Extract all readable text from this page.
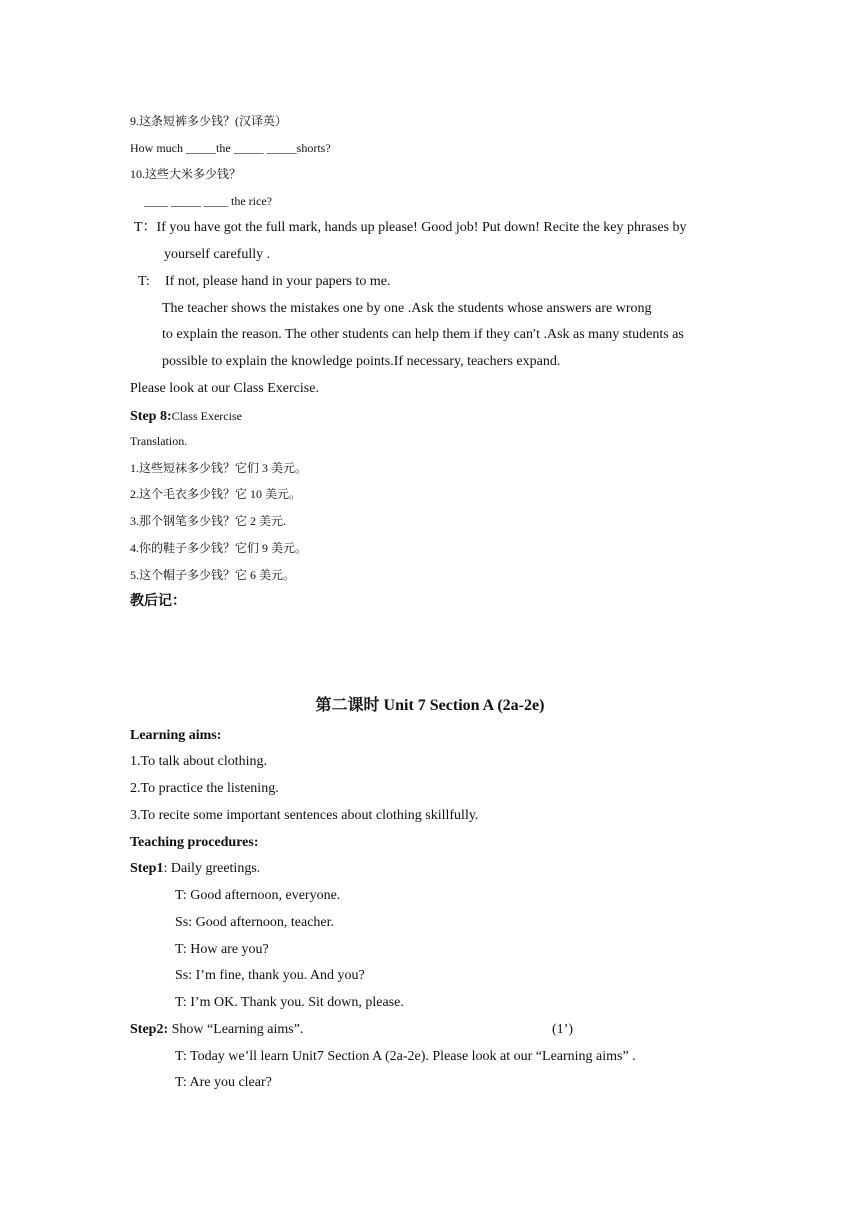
9.这条短裤多少钱？(汉译英）
How much _____the _____ _____shorts?
10.这些大米多少钱？
____ _____ ____ the rice?
T：If you have got the full mark, hands up please! Good job! Put down! Recite the key phrases by
yourself carefully .
T: If not, please hand in your papers to me.
The teacher shows the mistakes one by one .Ask the students whose answers are wrong
to explain the reason. The other students can help them if they can′t .Ask as many students as
possible to explain the knowledge points.If necessary, teachers expand.
Please look at our Class Exercise.
Step 8:Class Exercise
Translation.
1.这些短袜多少钱？它们 3 美元。
2.这个毛衣多少钱？它 10 美元。
3.那个钢笔多少钱？它 2 美元.
4.你的鞋子多少钱？它们 9 美元。
5.这个帽子多少钱？它 6 美元。
教后记：
第二课时 Unit 7 Section A (2a-2e)
Learning aims:
1.To talk about clothing.
2.To practice the listening.
3.To recite some important sentences about clothing skillfully.
Teaching procedures:
Step1: Daily greetings.
T: Good afternoon, everyone.
Ss: Good afternoon, teacher.
T: How are you?
Ss: I’m fine, thank you. And you?
T: I’m OK. Thank you. Sit down, please.
Step2: Show “Learning aims”.	(1’)
T: Today we’ll learn Unit7 Section A (2a-2e). Please look at our “Learning aims” .
T: Are you clear?
